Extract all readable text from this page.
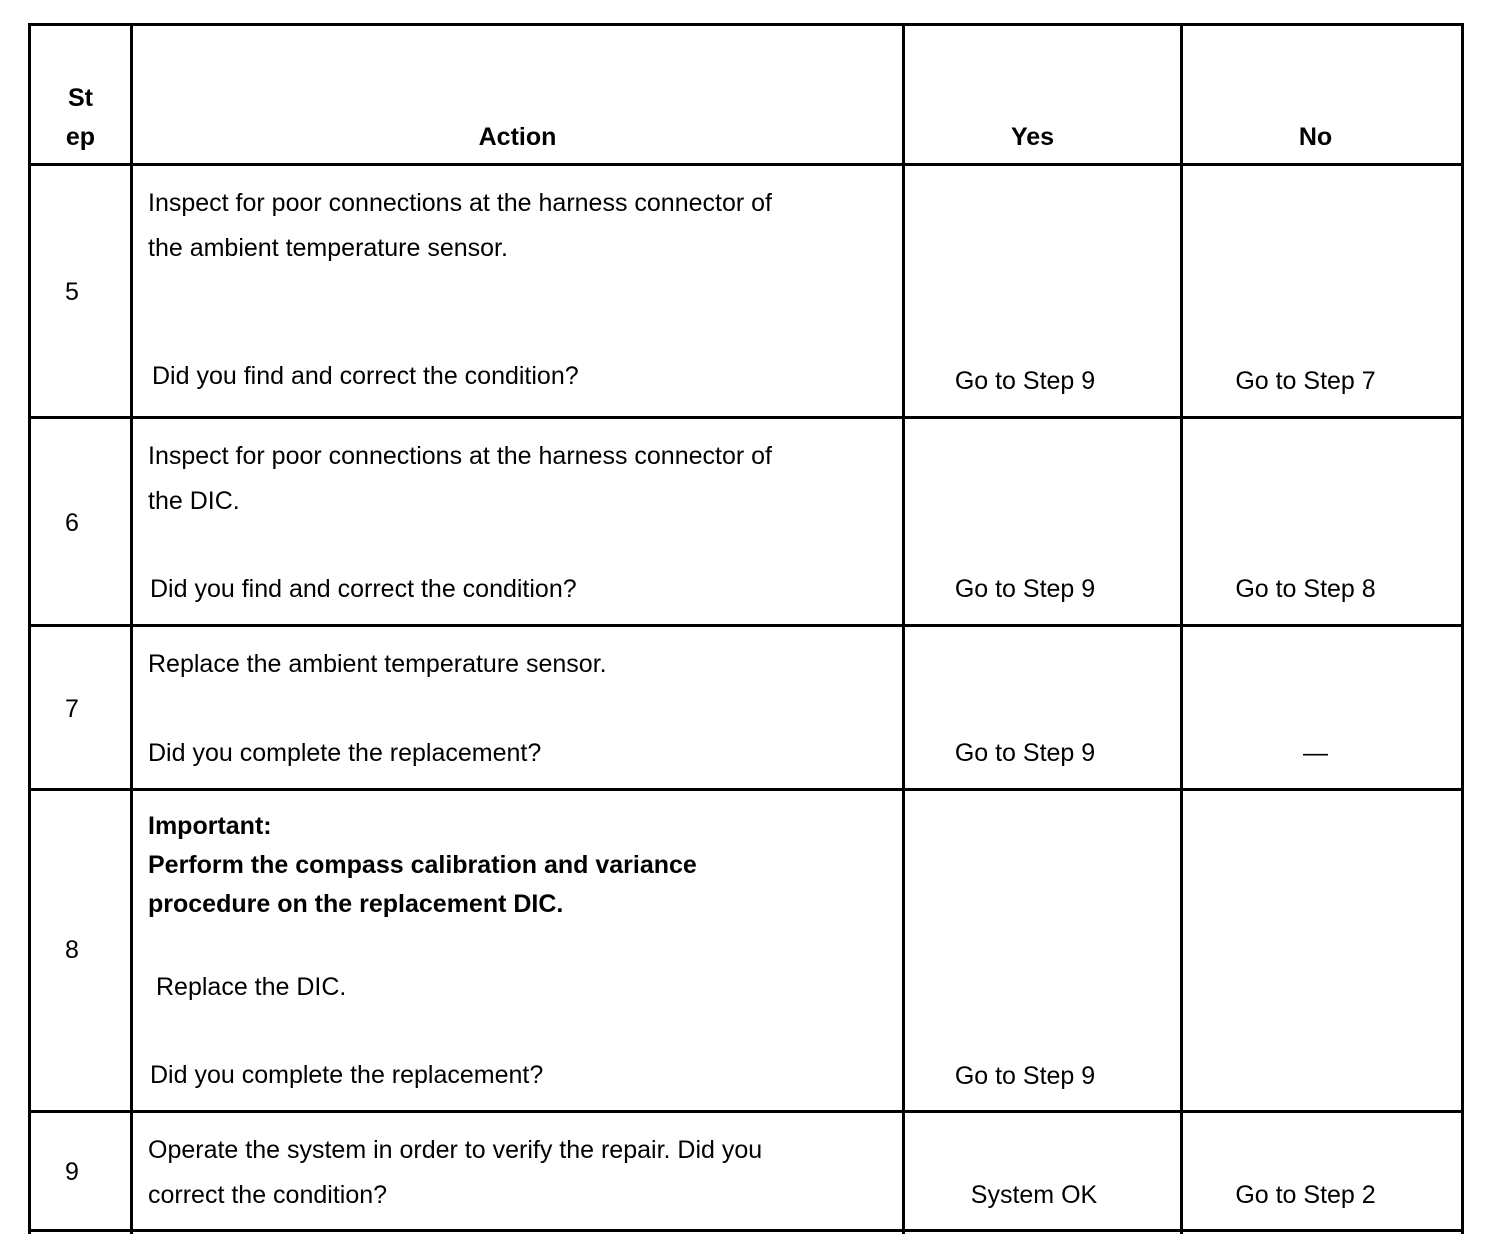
St
ep	Action	Yes	No
5
Inspect for poor connections at the harness connector of
the ambient temperature sensor.
Did you find and correct the condition?	Go to Step 9	Go to Step 7
6
Inspect for poor connections at the harness connector of
the DIC.
Did you find and correct the condition?	Go to Step 9	Go to Step 8
7
Replace the ambient temperature sensor.
Did you complete the replacement?	Go to Step 9	—
8
Important:
Perform the compass calibration and variance
procedure on the replacement DIC.
Replace the DIC.
Did you complete the replacement?	Go to Step 9
9
Operate the system in order to verify the repair. Did you
correct the condition?	System OK	Go to Step 2
